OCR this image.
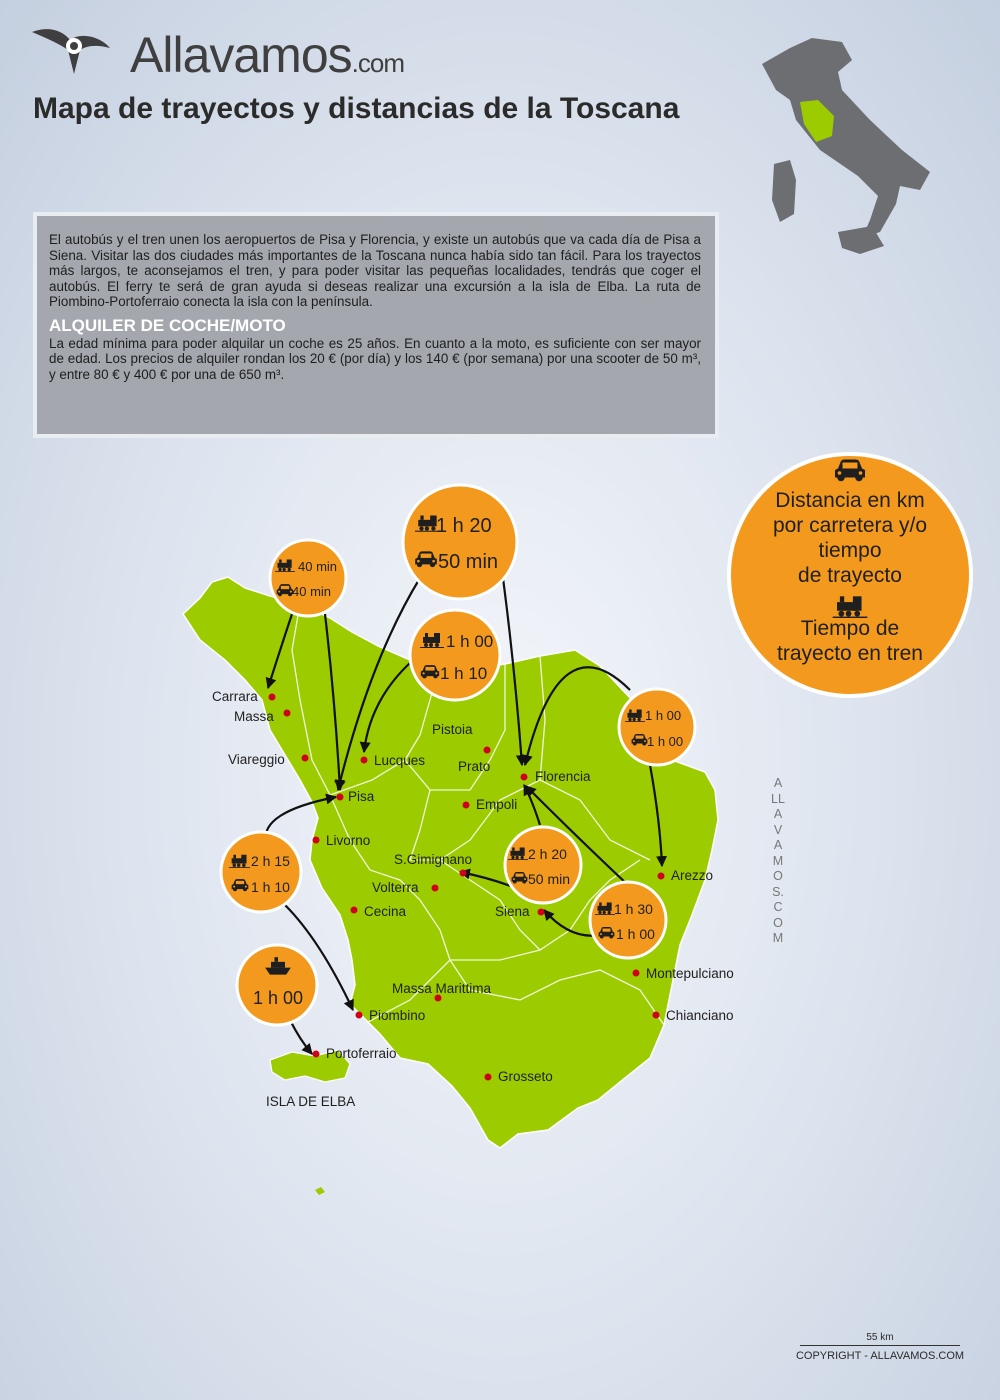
Allavamos.com
Mapa de trayectos y distancias de la Toscana

El autobús y el tren unen los aeropuertos de Pisa y Florencia, y existe un autobús que va cada día de Pisa a Siena. Visitar las dos ciudades más importantes de la Toscana nunca había sido tan fácil. Para los trayectos más largos, te aconsejamos el tren, y para poder visitar las pequeñas localidades, tendrás que coger el autobús. El ferry te será de gran ayuda si deseas realizar una excursión a la isla de Elba. La ruta de Piombino-Portoferraio conecta la isla con la península.

ALQUILER DE COCHE/MOTO

La edad mínima para poder alquilar un coche es 25 años. En cuanto a la moto, es suficiente con ser mayor de edad. Los precios de alquiler rondan los 20 € (por día) y los 140 € (por semana) por una scooter de 50 m³, y entre 80 € y 400 € por una de 650 m³.

Carrara
Massa
Viareggio	Lucques
Pistoia
Prato
Florencia
Pisa
Empoli
Livorno
S.Gimignano
Volterra
Cecina	Siena
Arezzo
Montepulciano
Massa Marittima
Piombino	Chianciano
Portoferraio
Grosseto
ISLA DE ELBA
40 min
40 min
1 h 20
50 min
1 h 00
1 h 10
1 h 00
1 h 00
2 h 15
1 h 10
2 h 20
50 min
1 h 30
1 h 00
1 h 00
Distancia en km
por carretera y/o
tiempo
de trayecto
Tiempo de
trayecto en tren
ALLAVAMOS.COM
55 km
COPYRIGHT - ALLAVAMOS.COM
